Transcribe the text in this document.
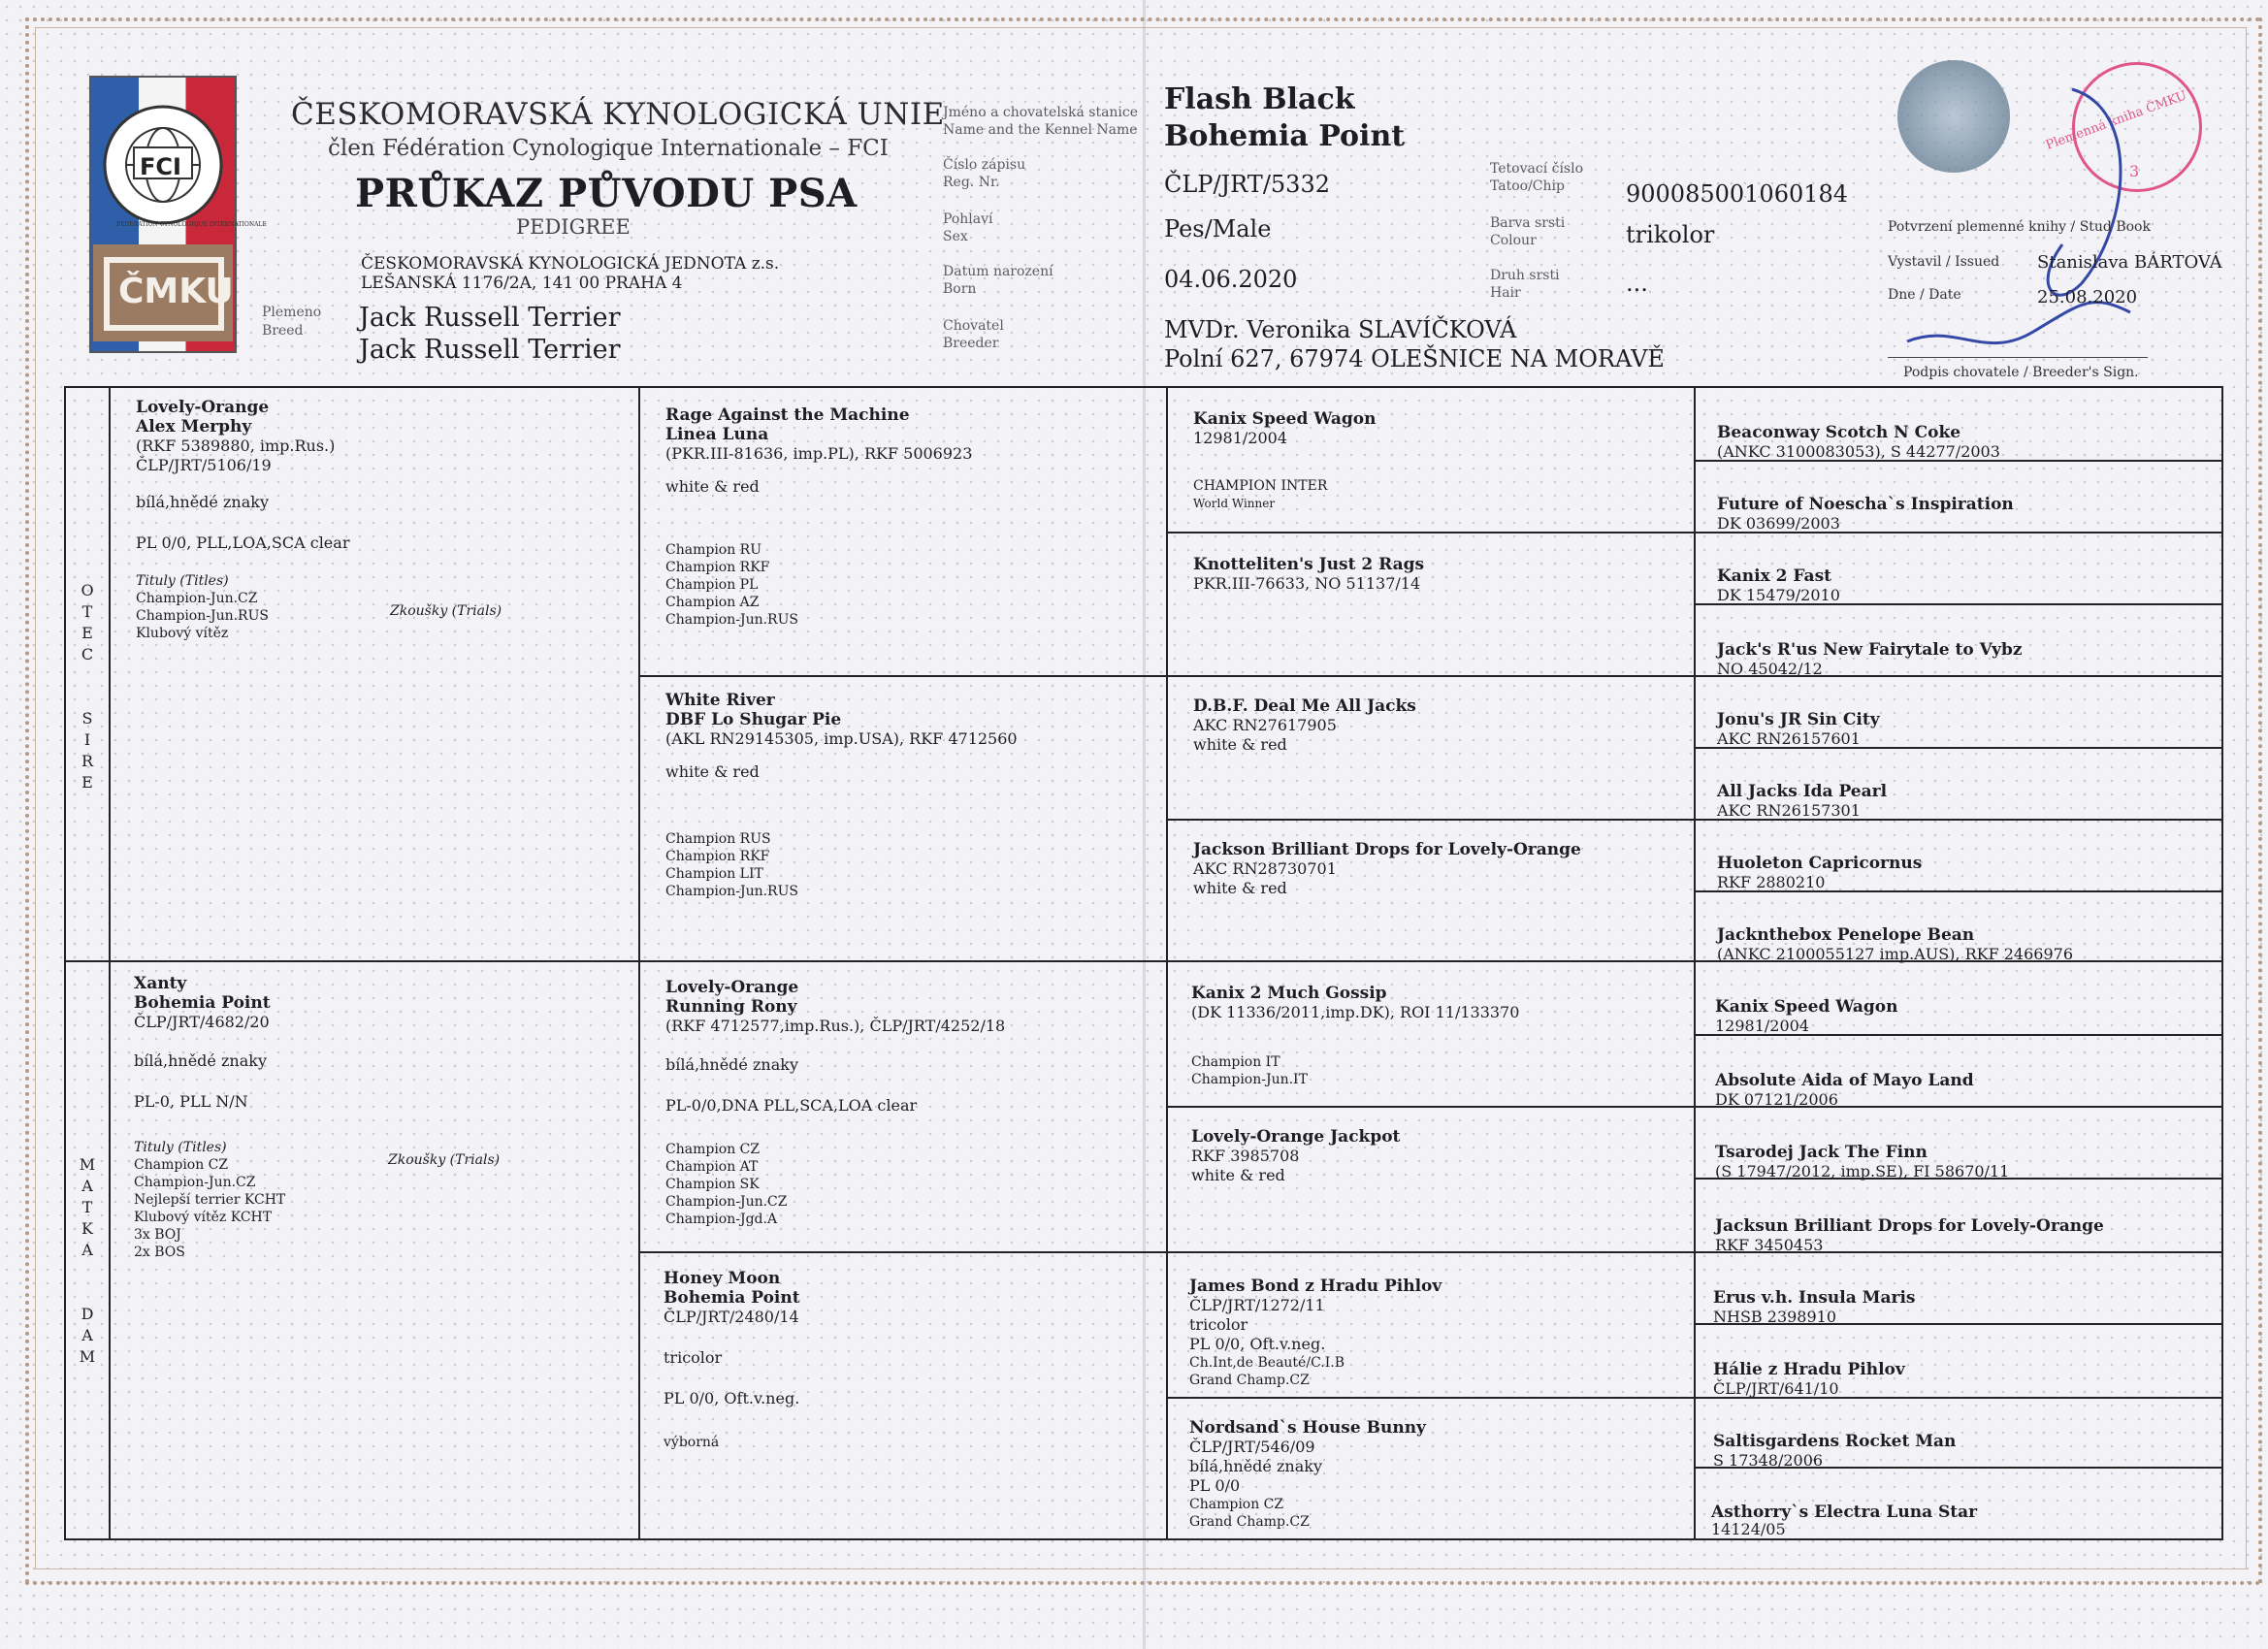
FCI
FEDERATION CYNOLOGIQUE INTERNATIONALE
ČMKU
ČESKOMORAVSKÁ KYNOLOGICKÁ UNIE
člen Fédération Cynologique Internationale – FCI
PRŮKAZ PŮVODU PSA
PEDIGREE
ČESKOMORAVSKÁ KYNOLOGICKÁ JEDNOTA z.s.
LEŠANSKÁ 1176/2A, 141 00 PRAHA 4
Plemeno
Breed Jack Russell Terrier
Jack Russell Terrier
Jméno a chovatelská stanice
Name and the Kennel Name
Číslo zápisu
Reg. Nr.
Pohlaví
Sex
Datum narození
Born
Chovatel
Breeder
Flash Black
Bohemia Point
ČLP/JRT/5332
Pes/Male
04.06.2020
MVDr. Veronika SLAVÍČKOVÁ
Polní 627, 67974 OLEŠNICE NA MORAVĚ
Tetovací číslo
Tatoo/Chip
Barva srsti
Colour
Druh srsti
Hair
900085001060184
trikolor
...
Plemenná kniha ČMKU
3
Potvrzení plemenné knihy / Stud Book
Vystavil / Issued Stanislava BÁRTOVÁ
Dne / Date	25.08.2020
Podpis chovatele / Breeder's Sign.
O
T
E
C
S
I
R
E
M
A
T
K
A
D
A
M
Lovely-Orange
Alex Merphy
(RKF 5389880, imp.Rus.)
ČLP/JRT/5106/19
bílá,hnědé znaky
PL 0/0, PLL,LOA,SCA clear
Tituly (Titles)
Champion-Jun.CZ
Champion-Jun.RUS
Klubový vítěz
Zkoušky (Trials)
Xanty
Bohemia Point
ČLP/JRT/4682/20
bílá,hnědé znaky
PL-0, PLL N/N
Tituly (Titles)
Champion CZ
Champion-Jun.CZ
Nejlepší terrier KCHT
Klubový vítěz KCHT
3x BOJ
2x BOS
Zkoušky (Trials)
Rage Against the Machine
Linea Luna
(PKR.III-81636, imp.PL), RKF 5006923
white & red
Champion RU
Champion RKF
Champion PL
Champion AZ
Champion-Jun.RUS
White River
DBF Lo Shugar Pie
(AKL RN29145305, imp.USA), RKF 4712560
white & red
Champion RUS
Champion RKF
Champion LIT
Champion-Jun.RUS
Lovely-Orange
Running Rony
(RKF 4712577,imp.Rus.), ČLP/JRT/4252/18
bílá,hnědé znaky
PL-0/0,DNA PLL,SCA,LOA clear
Champion CZ
Champion AT
Champion SK
Champion-Jun.CZ
Champion-Jgd.A
Honey Moon
Bohemia Point
ČLP/JRT/2480/14
tricolor
PL 0/0, Oft.v.neg.
výborná
Kanix Speed Wagon
12981/2004
CHAMPION INTER
World Winner
Knotteliten's Just 2 Rags
PKR.III-76633, NO 51137/14
D.B.F. Deal Me All Jacks
AKC RN27617905
white & red
Jackson Brilliant Drops for Lovely-Orange
AKC RN28730701
white & red
Kanix 2 Much Gossip
(DK 11336/2011,imp.DK), ROI 11/133370
Champion IT
Champion-Jun.IT
Lovely-Orange Jackpot
RKF 3985708
white & red
James Bond z Hradu Pihlov
ČLP/JRT/1272/11
tricolor
PL 0/0, Oft.v.neg.
Ch.Int,de Beauté/C.I.B
Grand Champ.CZ
Nordsand`s House Bunny
ČLP/JRT/546/09
bílá,hnědé znaky
PL 0/0
Champion CZ
Grand Champ.CZ
Beaconway Scotch N Coke
(ANKC 3100083053), S 44277/2003
Future of Noescha`s Inspiration
DK 03699/2003
Kanix 2 Fast
DK 15479/2010
Jack's R'us New Fairytale to Vybz
NO 45042/12
Jonu's JR Sin City
AKC RN26157601
All Jacks Ida Pearl
AKC RN26157301
Huoleton Capricornus
RKF 2880210
Jacknthebox Penelope Bean
(ANKC 2100055127 imp.AUS), RKF 2466976
Kanix Speed Wagon
12981/2004
Absolute Aida of Mayo Land
DK 07121/2006
Tsarodej Jack The Finn
(S 17947/2012, imp.SE), FI 58670/11
Jacksun Brilliant Drops for Lovely-Orange
RKF 3450453
Erus v.h. Insula Maris
NHSB 2398910
Hálie z Hradu Pihlov
ČLP/JRT/641/10
Saltisgardens Rocket Man
S 17348/2006
Asthorry`s Electra Luna Star
14124/05
